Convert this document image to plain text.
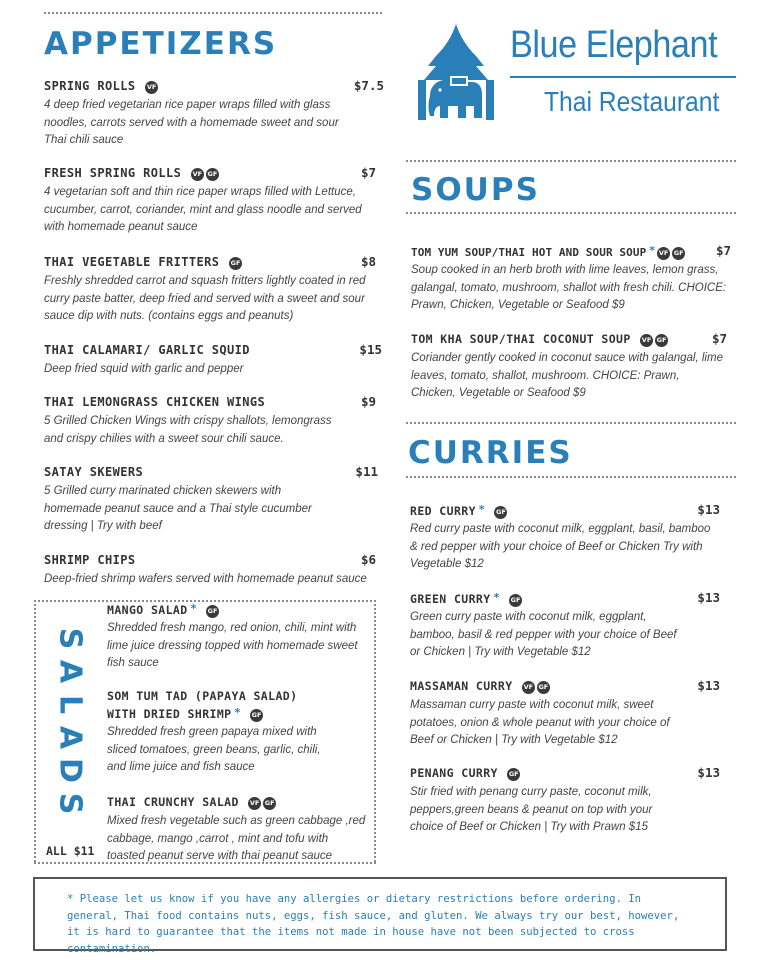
APPETIZERS
SPRING ROLLS VF	$7.5
4 deep fried vegetarian rice paper wraps filled with glass noodles, carrots served with a homemade sweet and sour Thai chili sauce
FRESH SPRING ROLLS VF GF	$7
4 vegetarian soft and thin rice paper wraps filled with Lettuce, cucumber, carrot, coriander, mint and glass noodle and served with homemade peanut sauce
THAI VEGETABLE FRITTERS GF	$8
Freshly shredded carrot and squash fritters lightly coated in red curry paste batter, deep fried and served with a sweet and sour sauce dip with nuts. (contains eggs and peanuts)
THAI CALAMARI/ GARLIC SQUID	$15
Deep fried squid with garlic and pepper
THAI LEMONGRASS CHICKEN WINGS	$9
5 Grilled Chicken Wings with crispy shallots, lemongrass and crispy chilies with a sweet sour chili sauce.
SATAY SKEWERS	$11
5 Grilled curry marinated chicken skewers with homemade peanut sauce and a Thai style cucumber dressing | Try with beef
SHRIMP CHIPS	$6
Deep-fried shrimp wafers served with homemade peanut sauce
S
A
L
A
D
S
ALL $11
MANGO SALAD * GF
Shredded fresh mango, red onion, chili, mint with lime juice dressing topped with homemade sweet fish sauce
SOM TUM TAD (PAPAYA SALAD)
WITH DRIED SHRIMP * GF
Shredded fresh green papaya mixed with sliced tomatoes, green beans, garlic, chili, and lime juice and fish sauce
THAI CRUNCHY SALAD VF GF
Mixed fresh vegetable such as green cabbage ,red cabbage, mango ,carrot , mint and tofu with toasted peanut serve with thai peanut sauce
Blue Elephant
Thai Restaurant
SOUPS
TOM YUM SOUP/THAI HOT AND SOUR SOUP * VF GF	$7
Soup cooked in an herb broth with lime leaves, lemon grass, galangal, tomato, mushroom, shallot with fresh chili. CHOICE: Prawn, Chicken, Vegetable or Seafood $9
TOM KHA SOUP/THAI COCONUT SOUP VF GF	$7
Coriander gently cooked in coconut sauce with galangal, lime leaves, tomato, shallot, mushroom. CHOICE: Prawn, Chicken, Vegetable or Seafood $9
CURRIES
RED CURRY * GF	$13
Red curry paste with coconut milk, eggplant, basil, bamboo & red pepper with your choice of Beef or Chicken Try with Vegetable $12
GREEN CURRY * GF	$13
Green curry paste with coconut milk, eggplant, bamboo, basil & red pepper with your choice of Beef or Chicken | Try with Vegetable $12
MASSAMAN CURRY VF GF	$13
Massaman curry paste with coconut milk, sweet potatoes, onion & whole peanut with your choice of Beef or Chicken | Try with Vegetable $12
PENANG CURRY GF	$13
Stir fried with penang curry paste, coconut milk, peppers,green beans & peanut on top with your choice of Beef or Chicken | Try with Prawn $15
* Please let us know if you have any allergies or dietary restrictions before ordering. In general, Thai food contains nuts, eggs, fish sauce, and gluten. We always try our best, however, it is hard to guarantee that the items not made in house have not been subjected to cross contamination.
